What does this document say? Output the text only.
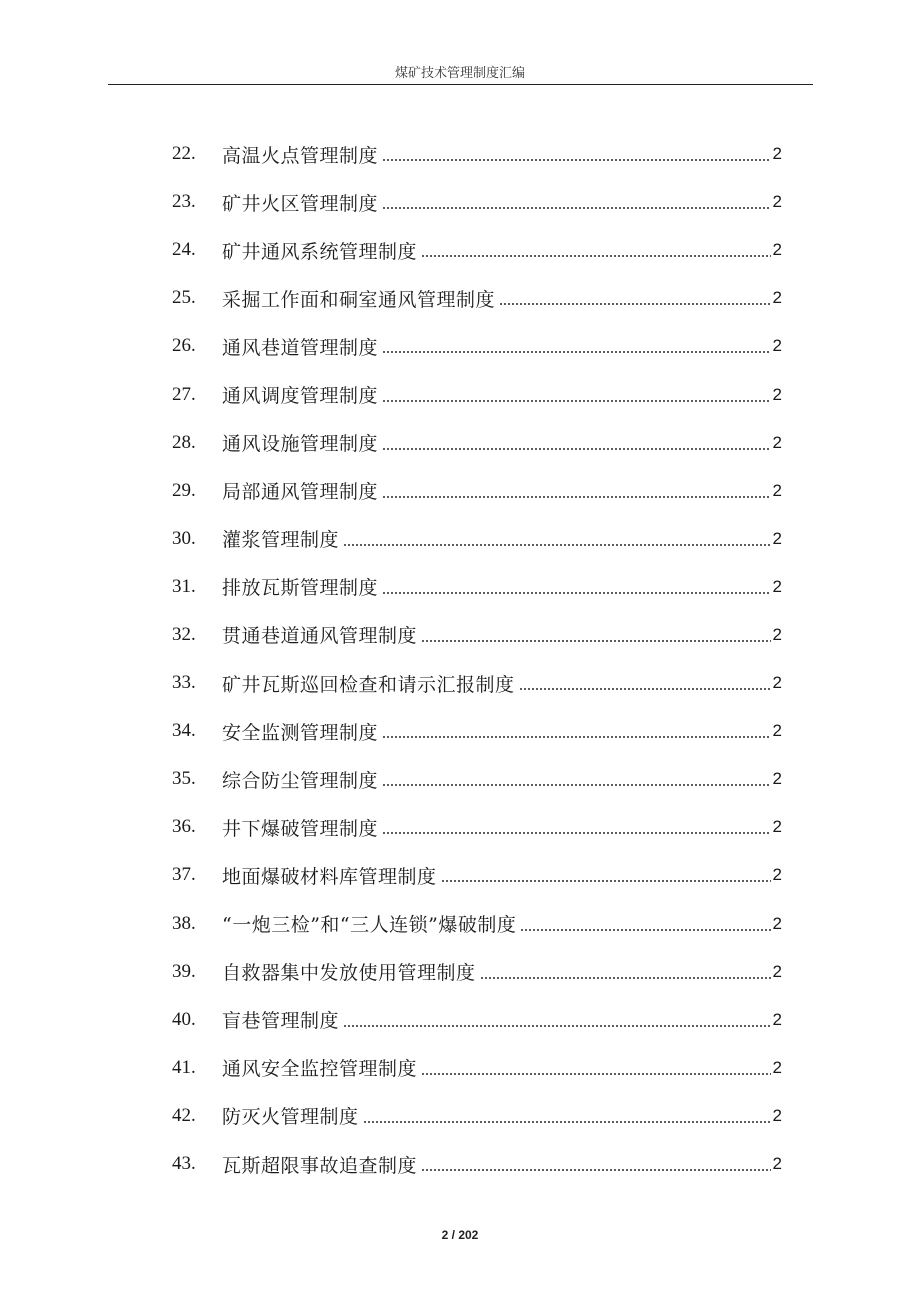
煤矿技术管理制度汇编
22.	高温火点管理制度	2
23.	矿井火区管理制度	2
24.	矿井通风系统管理制度	2
25.	采掘工作面和硐室通风管理制度	2
26.	通风巷道管理制度	2
27.	通风调度管理制度	2
28.	通风设施管理制度	2
29.	局部通风管理制度	2
30.	灌浆管理制度	2
31.	排放瓦斯管理制度	2
32.	贯通巷道通风管理制度	2
33.	矿井瓦斯巡回检查和请示汇报制度	2
34.	安全监测管理制度	2
35.	综合防尘管理制度	2
36.	井下爆破管理制度	2
37.	地面爆破材料库管理制度	2
38.	“一炮三检”和“三人连锁”爆破制度	2
39.	自救器集中发放使用管理制度	2
40.	盲巷管理制度	2
41.	通风安全监控管理制度	2
42.	防灭火管理制度	2
43.	瓦斯超限事故追查制度	2
2 / 202
